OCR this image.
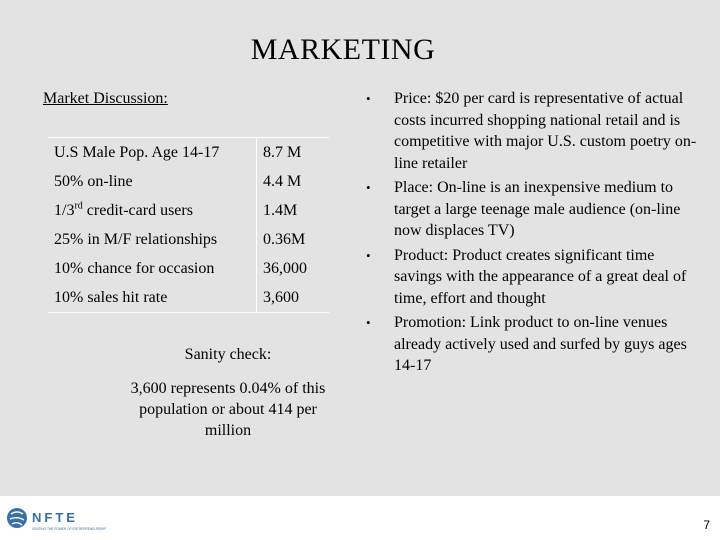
MARKETING
Market Discussion:
U.S Male Pop. Age 14-17	8.7 M
50% on-line	4.4 M
1/3rd credit-card users	1.4M
25% in M/F relationships	0.36M
10% chance for occasion	36,000
10% sales hit rate	3,600
Sanity check:
3,600 represents 0.04% of this population or about 414 per million
• Price: $20 per card is representative of actual costs incurred shopping national retail and is competitive with major U.S. custom poetry on-line retailer
• Place: On-line is an inexpensive medium to target a large teenage male audience (on-line now displaces TV)
• Product: Product creates significant time savings with the appearance of a great deal of time, effort and thought
• Promotion: Link product to on-line venues already actively used and surfed by guys ages 14-17
NFTE
IGNITING THE POWER OF ENTREPRENEURSHIP	7
